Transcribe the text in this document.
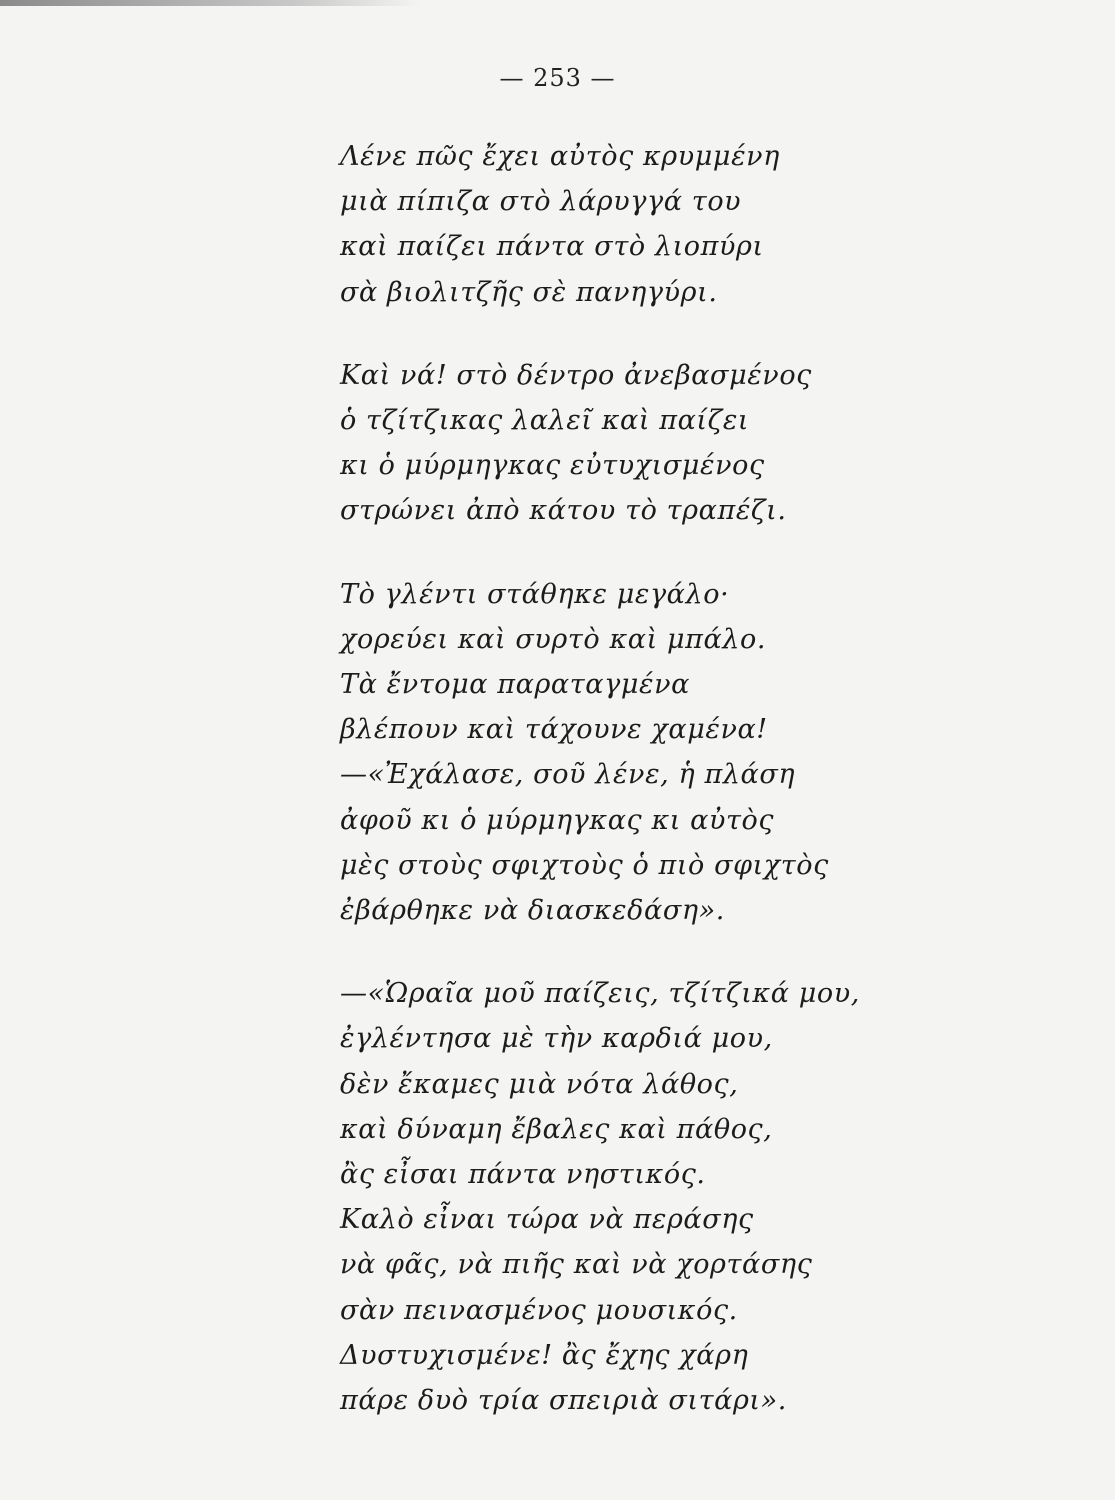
— 253 —
Λένε πῶς ἔχει αὐτὸς κρυμμένη
μιὰ πίπιζα στὸ λάρυγγά του
καὶ παίζει πάντα στὸ λιοπύρι
σὰ βιολιτζῆς σὲ πανηγύρι.
Καὶ νά! στὸ δέντρο ἀνεβασμένος
ὁ τζίτζικας λαλεῖ καὶ παίζει
κι ὁ μύρμηγκας εὐτυχισμένος
στρώνει ἀπὸ κάτου τὸ τραπέζι.
Τὸ γλέντι στάθηκε μεγάλο·
χορεύει καὶ συρτὸ καὶ μπάλο.
Τὰ ἔντομα παραταγμένα
βλέπουν καὶ τάχουνε χαμένα!
—«Ἐχάλασε, σοῦ λένε, ἡ πλάση
ἀφοῦ κι ὁ μύρμηγκας κι αὐτὸς
μὲς στοὺς σφιχτοὺς ὁ πιὸ σφιχτὸς
ἐβάρθηκε νὰ διασκεδάση».
—«Ὡραῖα μοῦ παίζεις, τζίτζικά μου,
ἐγλέντησα μὲ τὴν καρδιά μου,
δὲν ἔκαμες μιὰ νότα λάθος,
καὶ δύναμη ἔβαλες καὶ πάθος,
ἂς εἶσαι πάντα νηστικός.
Καλὸ εἶναι τώρα νὰ περάσης
νὰ φᾶς, νὰ πιῆς καὶ νὰ χορτάσης
σὰν πεινασμένος μουσικός.
Δυστυχισμένε! ἂς ἔχης χάρη
πάρε δυὸ τρία σπειριὰ σιτάρι».
